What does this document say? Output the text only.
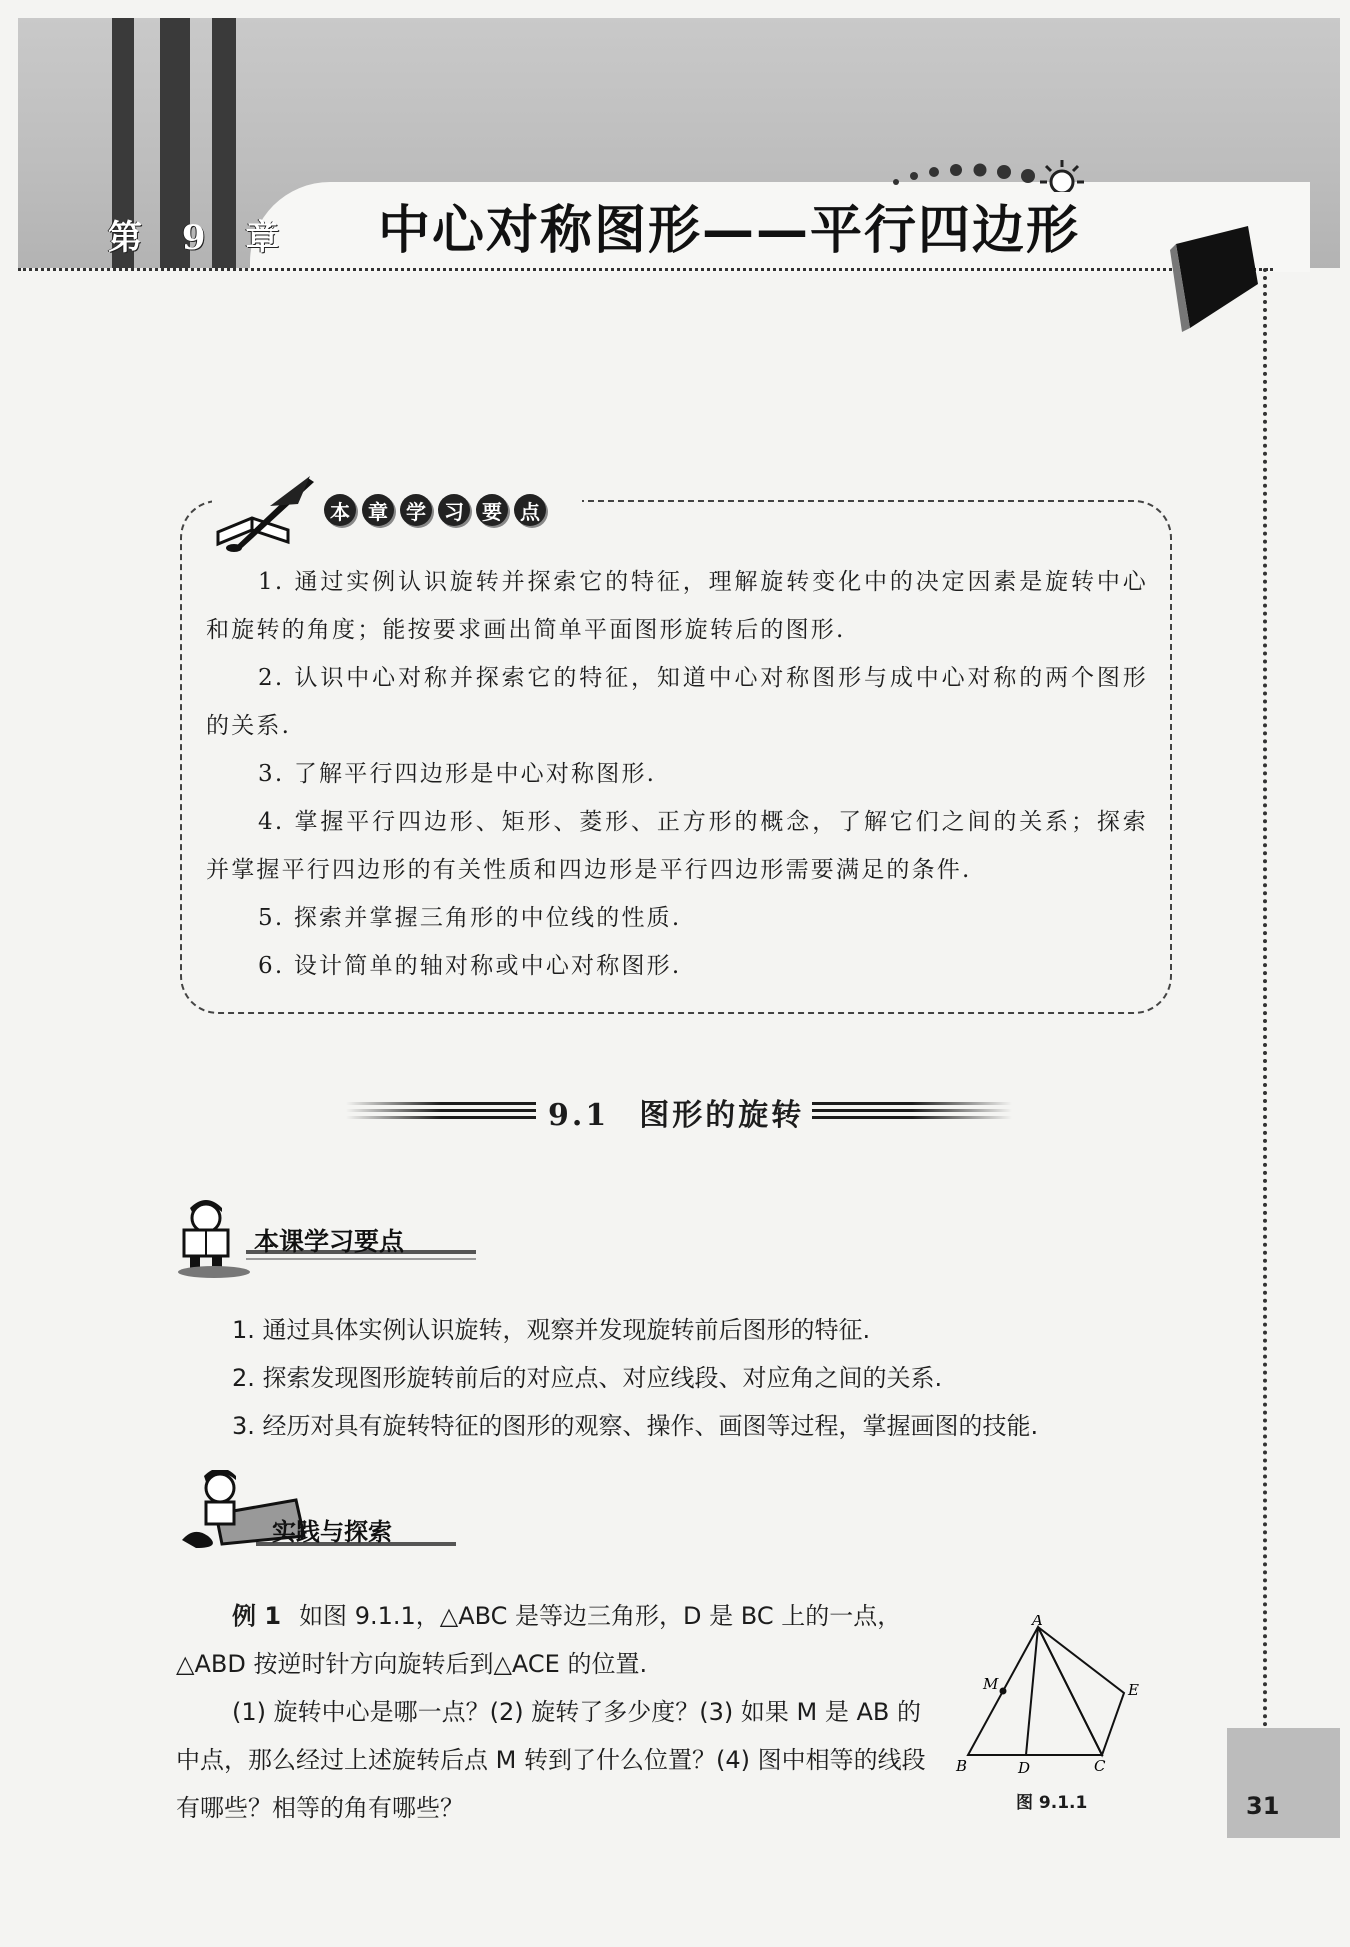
第 9 章 中心对称图形——平行四边形
本 章 学 习 要 点

1. 通过实例认识旋转并探索它的特征，理解旋转变化中的决定因素是旋转中心和旋转的角度；能按要求画出简单平面图形旋转后的图形.

2. 认识中心对称并探索它的特征，知道中心对称图形与成中心对称的两个图形的关系.

3. 了解平行四边形是中心对称图形.

4. 掌握平行四边形、矩形、菱形、正方形的概念，了解它们之间的关系；探索并掌握平行四边形的有关性质和四边形是平行四边形需要满足的条件.

5. 探索并掌握三角形的中位线的性质.

6. 设计简单的轴对称或中心对称图形.

9.1 图形的旋转
本课学习要点

1. 通过具体实例认识旋转，观察并发现旋转前后图形的特征.

2. 探索发现图形旋转前后的对应点、对应线段、对应角之间的关系.

3. 经历对具有旋转特征的图形的观察、操作、画图等过程，掌握画图的技能.

实践与探索

例 1 如图 9.1.1，△ABC 是等边三角形，D 是 BC 上的一点，△ABD 按逆时针方向旋转后到△ACE 的位置.

(1) 旋转中心是哪一点？(2) 旋转了多少度？(3) 如果 M 是 AB 的中点，那么经过上述旋转后点 M 转到了什么位置？(4) 图中相等的线段有哪些？相等的角有哪些？

A
B	D	C
E
M
图 9.1.1	31
